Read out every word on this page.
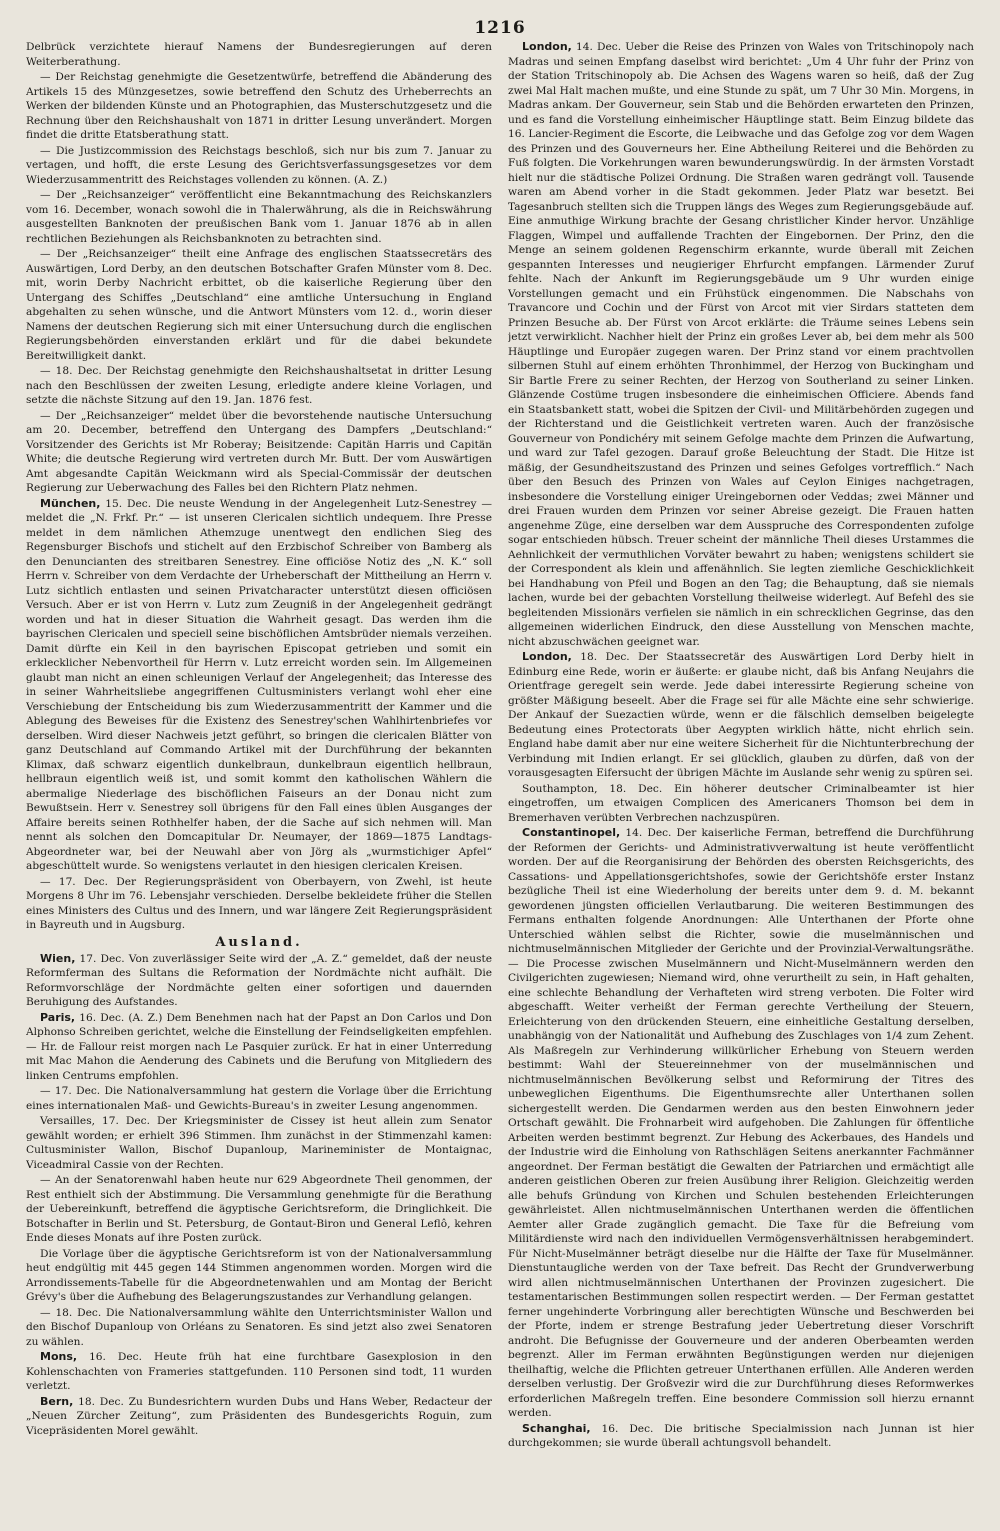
1216

Delbrück verzichtete hierauf Namens der Bundesregierungen auf deren Weiterberathung.

— Der Reichstag genehmigte die Gesetzentwürfe, betreffend die Abänderung des Artikels 15 des Münzgesetzes, sowie betreffend den Schutz des Urheberrechts an Werken der bildenden Künste und an Photographien, das Musterschutzgesetz und die Rechnung über den Reichshaushalt von 1871 in dritter Lesung unverändert. Morgen findet die dritte Etatsberathung statt.

— Die Justizcommission des Reichstags beschloß, sich nur bis zum 7. Januar zu vertagen, und hofft, die erste Lesung des Gerichtsverfassungsgesetzes vor dem Wiederzusammentritt des Reichstages vollenden zu können. (A. Z.)

— Der „Reichsanzeiger“ veröffentlicht eine Bekanntmachung des Reichskanzlers vom 16. December, wonach sowohl die in Thalerwährung, als die in Reichswährung ausgestellten Banknoten der preußischen Bank vom 1. Januar 1876 ab in allen rechtlichen Beziehungen als Reichsbanknoten zu betrachten sind.

— Der „Reichsanzeiger“ theilt eine Anfrage des englischen Staatssecretärs des Auswärtigen, Lord Derby, an den deutschen Botschafter Grafen Münster vom 8. Dec. mit, worin Derby Nachricht erbittet, ob die kaiserliche Regierung über den Untergang des Schiffes „Deutschland“ eine amtliche Untersuchung in England abgehalten zu sehen wünsche, und die Antwort Münsters vom 12. d., worin dieser Namens der deutschen Regierung sich mit einer Untersuchung durch die englischen Regierungsbehörden einverstanden erklärt und für die dabei bekundete Bereitwilligkeit dankt.

— 18. Dec. Der Reichstag genehmigte den Reichshaushaltsetat in dritter Lesung nach den Beschlüssen der zweiten Lesung, erledigte andere kleine Vorlagen, und setzte die nächste Sitzung auf den 19. Jan. 1876 fest.

— Der „Reichsanzeiger“ meldet über die bevorstehende nautische Untersuchung am 20. December, betreffend den Untergang des Dampfers „Deutschland:“ Vorsitzender des Gerichts ist Mr Roberay; Beisitzende: Capitän Harris und Capitän White; die deutsche Regierung wird vertreten durch Mr. Butt. Der vom Auswärtigen Amt abgesandte Capitän Weickmann wird als Special-Commissär der deutschen Regierung zur Ueberwachung des Falles bei den Richtern Platz nehmen.

München, 15. Dec. Die neuste Wendung in der Angelegenheit Lutz-Senestrey — meldet die „N. Frkf. Pr.“ — ist unseren Clericalen sichtlich undequem. Ihre Presse meldet in dem nämlichen Athemzuge unentwegt den endlichen Sieg des Regensburger Bischofs und stichelt auf den Erzbischof Schreiber von Bamberg als den Denuncianten des streitbaren Senestrey. Eine officiöse Notiz des „N. K.“ soll Herrn v. Schreiber von dem Verdachte der Urheberschaft der Mittheilung an Herrn v. Lutz sichtlich entlasten und seinen Privatcharacter unterstützt diesen officiösen Versuch. Aber er ist von Herrn v. Lutz zum Zeugniß in der Angelegenheit gedrängt worden und hat in dieser Situation die Wahrheit gesagt. Das werden ihm die bayrischen Clericalen und speciell seine bischöflichen Amtsbrüder niemals verzeihen. Damit dürfte ein Keil in den bayrischen Episcopat getrieben und somit ein erklecklicher Nebenvortheil für Herrn v. Lutz erreicht worden sein. Im Allgemeinen glaubt man nicht an einen schleunigen Verlauf der Angelegenheit; das Interesse des in seiner Wahrheitsliebe angegriffenen Cultusministers verlangt wohl eher eine Verschiebung der Entscheidung bis zum Wiederzusammentritt der Kammer und die Ablegung des Beweises für die Existenz des Senestrey'schen Wahlhirtenbriefes vor derselben. Wird dieser Nachweis jetzt geführt, so bringen die clericalen Blätter von ganz Deutschland auf Commando Artikel mit der Durchführung der bekannten Klimax, daß schwarz eigentlich dunkelbraun, dunkelbraun eigentlich hellbraun, hellbraun eigentlich weiß ist, und somit kommt den katholischen Wählern die abermalige Niederlage des bischöflichen Faiseurs an der Donau nicht zum Bewußtsein. Herr v. Senestrey soll übrigens für den Fall eines üblen Ausganges der Affaire bereits seinen Rothhelfer haben, der die Sache auf sich nehmen will. Man nennt als solchen den Domcapitular Dr. Neumayer, der 1869—1875 Landtags-Abgeordneter war, bei der Neuwahl aber von Jörg als „wurmstichiger Apfel“ abgeschüttelt wurde. So wenigstens verlautet in den hiesigen clericalen Kreisen.

— 17. Dec. Der Regierungspräsident von Oberbayern, von Zwehl, ist heute Morgens 8 Uhr im 76. Lebensjahr verschieden. Derselbe bekleidete früher die Stellen eines Ministers des Cultus und des Innern, und war längere Zeit Regierungspräsident in Bayreuth und in Augsburg.

Ausland.

Wien, 17. Dec. Von zuverlässiger Seite wird der „A. Z.“ gemeldet, daß der neuste Reformferman des Sultans die Reformation der Nordmächte nicht aufhält. Die Reformvorschläge der Nordmächte gelten einer sofortigen und dauernden Beruhigung des Aufstandes.

Paris, 16. Dec. (A. Z.) Dem Benehmen nach hat der Papst an Don Carlos und Don Alphonso Schreiben gerichtet, welche die Einstellung der Feindseligkeiten empfehlen. — Hr. de Fallour reist morgen nach Le Pasquier zurück. Er hat in einer Unterredung mit Mac Mahon die Aenderung des Cabinets und die Berufung von Mitgliedern des linken Centrums empfohlen.

— 17. Dec. Die Nationalversammlung hat gestern die Vorlage über die Errichtung eines internationalen Maß- und Gewichts-Bureau's in zweiter Lesung angenommen.

Versailles, 17. Dec. Der Kriegsminister de Cissey ist heut allein zum Senator gewählt worden; er erhielt 396 Stimmen. Ihm zunächst in der Stimmenzahl kamen: Cultusminister Wallon, Bischof Dupanloup, Marineminister de Montaignac, Viceadmiral Cassie von der Rechten.

— An der Senatorenwahl haben heute nur 629 Abgeordnete Theil genommen, der Rest enthielt sich der Abstimmung. Die Versammlung genehmigte für die Berathung der Uebereinkunft, betreffend die ägyptische Gerichtsreform, die Dringlichkeit. Die Botschafter in Berlin und St. Petersburg, de Gontaut-Biron und General Leflô, kehren Ende dieses Monats auf ihre Posten zurück.

Die Vorlage über die ägyptische Gerichtsreform ist von der Nationalversammlung heut endgültig mit 445 gegen 144 Stimmen angenommen worden. Morgen wird die Arrondissements-Tabelle für die Abgeordnetenwahlen und am Montag der Bericht Grévy's über die Aufhebung des Belagerungszustandes zur Verhandlung gelangen.

— 18. Dec. Die Nationalversammlung wählte den Unterrichtsminister Wallon und den Bischof Dupanloup von Orléans zu Senatoren. Es sind jetzt also zwei Senatoren zu wählen.

Mons, 16. Dec. Heute früh hat eine furchtbare Gasexplosion in den Kohlenschachten von Frameries stattgefunden. 110 Personen sind todt, 11 wurden verletzt.

Bern, 18. Dec. Zu Bundesrichtern wurden Dubs und Hans Weber, Redacteur der „Neuen Zürcher Zeitung“, zum Präsidenten des Bundesgerichts Roguin, zum Vicepräsidenten Morel gewählt.

London, 14. Dec. Ueber die Reise des Prinzen von Wales von Tritschinopoly nach Madras und seinen Empfang daselbst wird berichtet: „Um 4 Uhr fuhr der Prinz von der Station Tritschinopoly ab. Die Achsen des Wagens waren so heiß, daß der Zug zwei Mal Halt machen mußte, und eine Stunde zu spät, um 7 Uhr 30 Min. Morgens, in Madras ankam. Der Gouverneur, sein Stab und die Behörden erwarteten den Prinzen, und es fand die Vorstellung einheimischer Häuptlinge statt. Beim Einzug bildete das 16. Lancier-Regiment die Escorte, die Leibwache und das Gefolge zog vor dem Wagen des Prinzen und des Gouverneurs her. Eine Abtheilung Reiterei und die Behörden zu Fuß folgten. Die Vorkehrungen waren bewunderungswürdig. In der ärmsten Vorstadt hielt nur die städtische Polizei Ordnung. Die Straßen waren gedrängt voll. Tausende waren am Abend vorher in die Stadt gekommen. Jeder Platz war besetzt. Bei Tagesanbruch stellten sich die Truppen längs des Weges zum Regierungsgebäude auf. Eine anmuthige Wirkung brachte der Gesang christlicher Kinder hervor. Unzählige Flaggen, Wimpel und auffallende Trachten der Eingebornen. Der Prinz, den die Menge an seinem goldenen Regenschirm erkannte, wurde überall mit Zeichen gespannten Interesses und neugieriger Ehrfurcht empfangen. Lärmender Zuruf fehlte. Nach der Ankunft im Regierungsgebäude um 9 Uhr wurden einige Vorstellungen gemacht und ein Frühstück eingenommen. Die Nabschahs von Travancore und Cochin und der Fürst von Arcot mit vier Sirdars statteten dem Prinzen Besuche ab. Der Fürst von Arcot erklärte: die Träume seines Lebens sein jetzt verwirklicht. Nachher hielt der Prinz ein großes Lever ab, bei dem mehr als 500 Häuptlinge und Europäer zugegen waren. Der Prinz stand vor einem prachtvollen silbernen Stuhl auf einem erhöhten Thronhimmel, der Herzog von Buckingham und Sir Bartle Frere zu seiner Rechten, der Herzog von Southerland zu seiner Linken. Glänzende Costüme trugen insbesondere die einheimischen Officiere. Abends fand ein Staatsbankett statt, wobei die Spitzen der Civil- und Militärbehörden zugegen und der Richterstand und die Geistlichkeit vertreten waren. Auch der französische Gouverneur von Pondichéry mit seinem Gefolge machte dem Prinzen die Aufwartung, und ward zur Tafel gezogen. Darauf große Beleuchtung der Stadt. Die Hitze ist mäßig, der Gesundheitszustand des Prinzen und seines Gefolges vortrefflich.“ Nach über den Besuch des Prinzen von Wales auf Ceylon Einiges nachgetragen, insbesondere die Vorstellung einiger Ureingebornen oder Veddas; zwei Männer und drei Frauen wurden dem Prinzen vor seiner Abreise gezeigt. Die Frauen hatten angenehme Züge, eine derselben war dem Ausspruche des Correspondenten zufolge sogar entschieden hübsch. Treuer scheint der männliche Theil dieses Urstammes die Aehnlichkeit der vermuthlichen Vorväter bewahrt zu haben; wenigstens schildert sie der Correspondent als klein und affenähnlich. Sie legten ziemliche Geschicklichkeit bei Handhabung von Pfeil und Bogen an den Tag; die Behauptung, daß sie niemals lachen, wurde bei der gebachten Vorstellung theilweise widerlegt. Auf Befehl des sie begleitenden Missionärs verfielen sie nämlich in ein schrecklichen Gegrinse, das den allgemeinen widerlichen Eindruck, den diese Ausstellung von Menschen machte, nicht abzuschwächen geeignet war.

London, 18. Dec. Der Staatssecretär des Auswärtigen Lord Derby hielt in Edinburg eine Rede, worin er äußerte: er glaube nicht, daß bis Anfang Neujahrs die Orientfrage geregelt sein werde. Jede dabei interessirte Regierung scheine von größter Mäßigung beseelt. Aber die Frage sei für alle Mächte eine sehr schwierige. Der Ankauf der Suezactien würde, wenn er die fälschlich demselben beigelegte Bedeutung eines Protectorats über Aegypten wirklich hätte, nicht ehrlich sein. England habe damit aber nur eine weitere Sicherheit für die Nichtunterbrechung der Verbindung mit Indien erlangt. Er sei glücklich, glauben zu dürfen, daß von der vorausgesagten Eifersucht der übrigen Mächte im Auslande sehr wenig zu spüren sei.

Southampton, 18. Dec. Ein höherer deutscher Criminalbeamter ist hier eingetroffen, um etwaigen Complicen des Americaners Thomson bei dem in Bremerhaven verübten Verbrechen nachzuspüren.

Constantinopel, 14. Dec. Der kaiserliche Ferman, betreffend die Durchführung der Reformen der Gerichts- und Administrativverwaltung ist heute veröffentlicht worden. Der auf die Reorganisirung der Behörden des obersten Reichsgerichts, des Cassations- und Appellationsgerichtshofes, sowie der Gerichtshöfe erster Instanz bezügliche Theil ist eine Wiederholung der bereits unter dem 9. d. M. bekannt gewordenen jüngsten officiellen Verlautbarung. Die weiteren Bestimmungen des Fermans enthalten folgende Anordnungen: Alle Unterthanen der Pforte ohne Unterschied wählen selbst die Richter, sowie die muselmännischen und nichtmuselmännischen Mitglieder der Gerichte und der Provinzial-Verwaltungsräthe. — Die Processe zwischen Muselmännern und Nicht-Muselmännern werden den Civilgerichten zugewiesen; Niemand wird, ohne verurtheilt zu sein, in Haft gehalten, eine schlechte Behandlung der Verhafteten wird streng verboten. Die Folter wird abgeschafft. Weiter verheißt der Ferman gerechte Vertheilung der Steuern, Erleichterung von den drückenden Steuern, eine einheitliche Gestaltung derselben, unabhängig von der Nationalität und Aufhebung des Zuschlages von 1/4 zum Zehent. Als Maßregeln zur Verhinderung willkürlicher Erhebung von Steuern werden bestimmt: Wahl der Steuereinnehmer von der muselmännischen und nichtmuselmännischen Bevölkerung selbst und Reformirung der Titres des unbeweglichen Eigenthums. Die Eigenthumsrechte aller Unterthanen sollen sichergestellt werden. Die Gendarmen werden aus den besten Einwohnern jeder Ortschaft gewählt. Die Frohnarbeit wird aufgehoben. Die Zahlungen für öffentliche Arbeiten werden bestimmt begrenzt. Zur Hebung des Ackerbaues, des Handels und der Industrie wird die Einholung von Rathschlägen Seitens anerkannter Fachmänner angeordnet. Der Ferman bestätigt die Gewalten der Patriarchen und ermächtigt alle anderen geistlichen Oberen zur freien Ausübung ihrer Religion. Gleichzeitig werden alle behufs Gründung von Kirchen und Schulen bestehenden Erleichterungen gewährleistet. Allen nichtmuselmännischen Unterthanen werden die öffentlichen Aemter aller Grade zugänglich gemacht. Die Taxe für die Befreiung vom Militärdienste wird nach den individuellen Vermögensverhältnissen herabgemindert. Für Nicht-Muselmänner beträgt dieselbe nur die Hälfte der Taxe für Muselmänner. Dienstuntaugliche werden von der Taxe befreit. Das Recht der Grundverwerbung wird allen nichtmuselmännischen Unterthanen der Provinzen zugesichert. Die testamentarischen Bestimmungen sollen respectirt werden. — Der Ferman gestattet ferner ungehinderte Vorbringung aller berechtigten Wünsche und Beschwerden bei der Pforte, indem er strenge Bestrafung jeder Uebertretung dieser Vorschrift androht. Die Befugnisse der Gouverneure und der anderen Oberbeamten werden begrenzt. Aller im Ferman erwähnten Begünstigungen werden nur diejenigen theilhaftig, welche die Pflichten getreuer Unterthanen erfüllen. Alle Anderen werden derselben verlustig. Der Großvezir wird die zur Durchführung dieses Reformwerkes erforderlichen Maßregeln treffen. Eine besondere Commission soll hierzu ernannt werden.

Schanghai, 16. Dec. Die britische Specialmission nach Junnan ist hier durchgekommen; sie wurde überall achtungsvoll behandelt.
